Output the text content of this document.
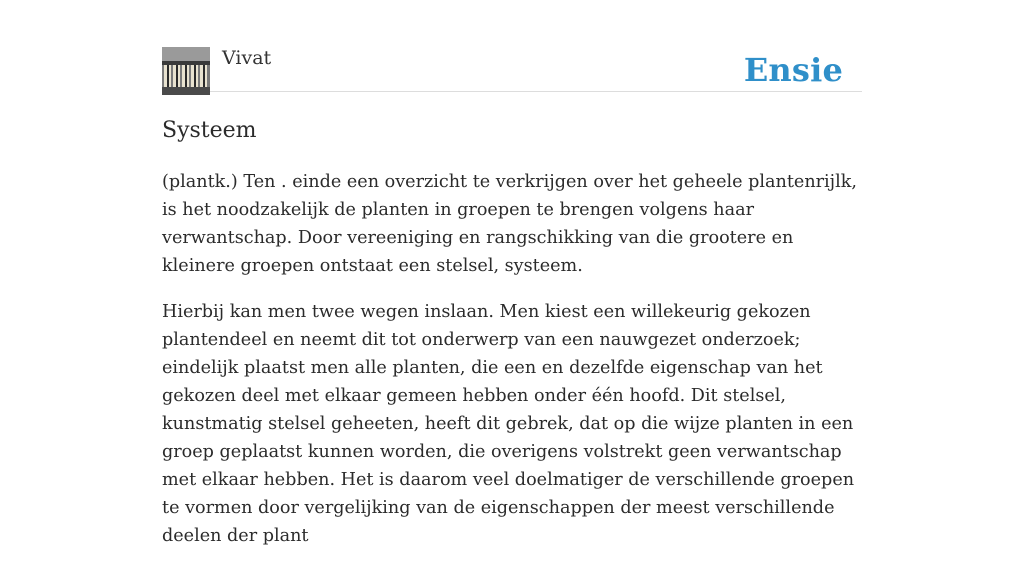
Vivat	Ensie
Systeem

(plantk.) Ten . einde een overzicht te verkrijgen over het geheele plantenrijlk, is het noodzakelijk de planten in groepen te brengen volgens haar verwantschap. Door vereeniging en rangschikking van die grootere en kleinere groepen ontstaat een stelsel, systeem.

Hierbij kan men twee wegen inslaan. Men kiest een willekeurig gekozen plantendeel en neemt dit tot onderwerp van een nauwgezet onderzoek; eindelijk plaatst men alle planten, die een en dezelfde eigenschap van het gekozen deel met elkaar gemeen hebben onder één hoofd. Dit stelsel, kunstmatig stelsel geheeten, heeft dit gebrek, dat op die wijze planten in een groep geplaatst kunnen worden, die overigens volstrekt geen verwantschap met elkaar hebben. Het is daarom veel doelmatiger de verschillende groepen te vormen door vergelijking van de eigenschappen der meest verschillende deelen der plant
